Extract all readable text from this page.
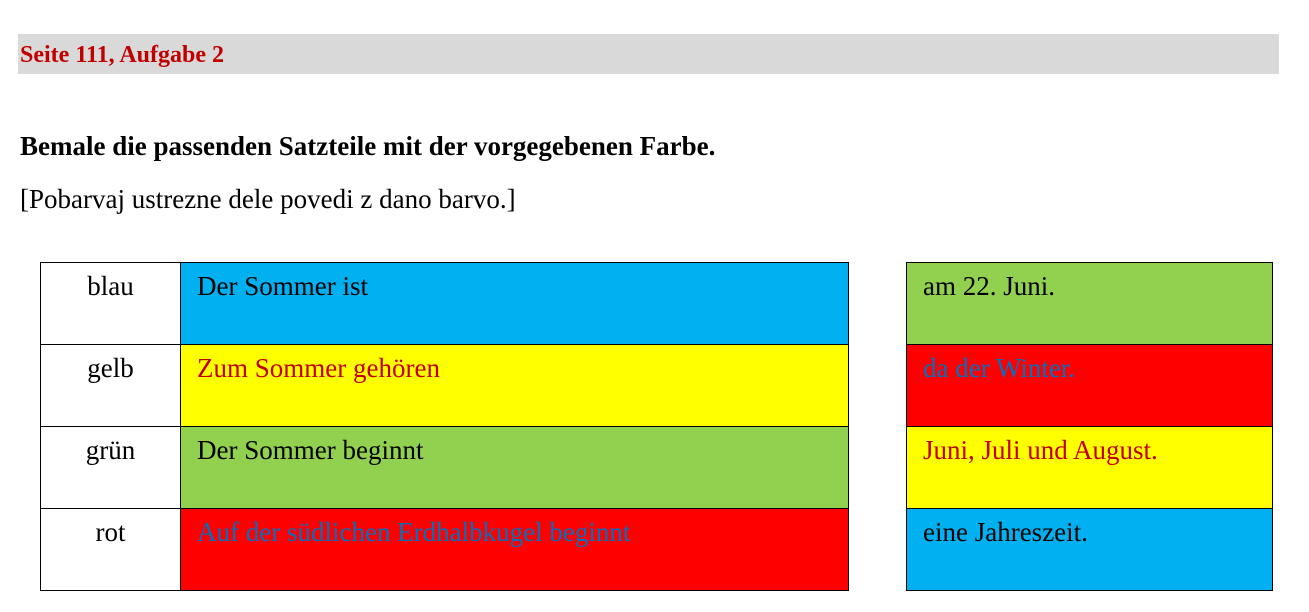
Seite 111, Aufgabe 2
Bemale die passenden Satzteile mit der vorgegebenen Farbe.
[Pobarvaj ustrezne dele povedi z dano barvo.]
blau	Der Sommer ist
gelb	Zum Sommer gehören
grün	Der Sommer beginnt
rot	Auf der südlichen Erdhalbkugel beginnt
am 22. Juni.
da der Winter.
Juni, Juli und August.
eine Jahreszeit.
